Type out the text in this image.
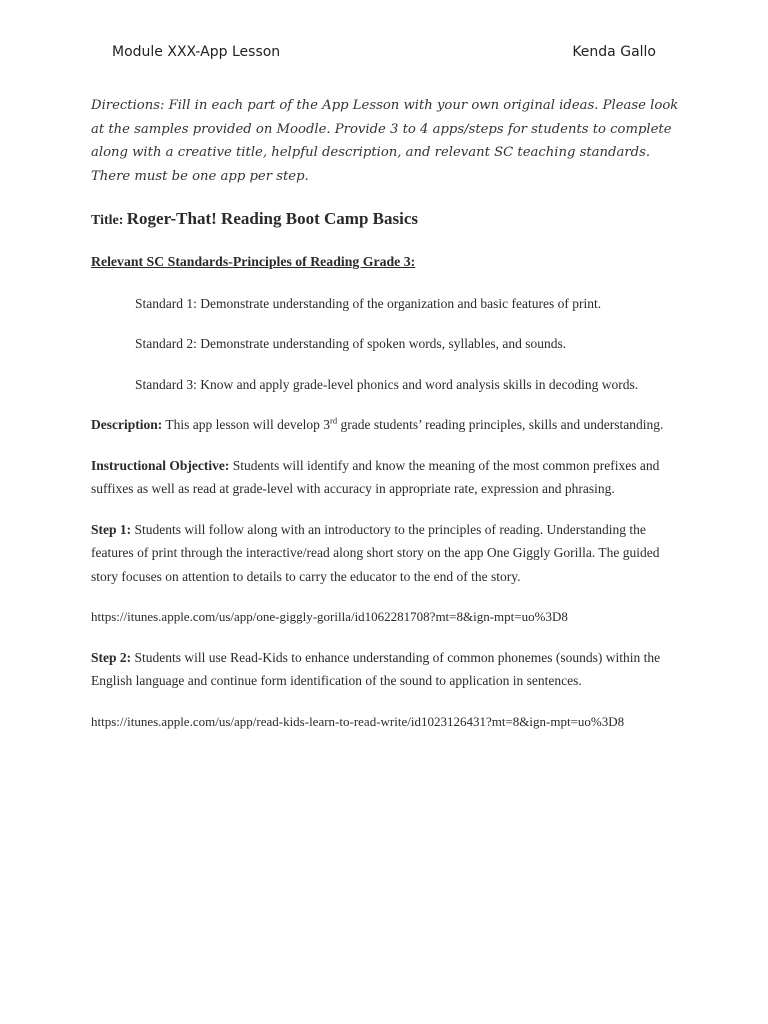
Module XXX-App Lesson	Kenda Gallo

Directions: Fill in each part of the App Lesson with your own original ideas. Please look at the samples provided on Moodle. Provide 3 to 4 apps/steps for students to complete along with a creative title, helpful description, and relevant SC teaching standards. There must be one app per step.

Title: Roger-That! Reading Boot Camp Basics
Relevant SC Standards-Principles of Reading Grade 3:
Standard 1: Demonstrate understanding of the organization and basic features of print.
Standard 2: Demonstrate understanding of spoken words, syllables, and sounds.
Standard 3: Know and apply grade-level phonics and word analysis skills in decoding words.

Description: This app lesson will develop 3rd grade students’ reading principles, skills and understanding.

Instructional Objective: Students will identify and know the meaning of the most common prefixes and suffixes as well as read at grade-level with accuracy in appropriate rate, expression and phrasing.

Step 1: Students will follow along with an introductory to the principles of reading. Understanding the features of print through the interactive/read along short story on the app One Giggly Gorilla. The guided story focuses on attention to details to carry the educator to the end of the story.

https://itunes.apple.com/us/app/one-giggly-gorilla/id1062281708?mt=8&ign-mpt=uo%3D8

Step 2: Students will use Read-Kids to enhance understanding of common phonemes (sounds) within the English language and continue form identification of the sound to application in sentences.

https://itunes.apple.com/us/app/read-kids-learn-to-read-write/id1023126431?mt=8&ign-mpt=uo%3D8
